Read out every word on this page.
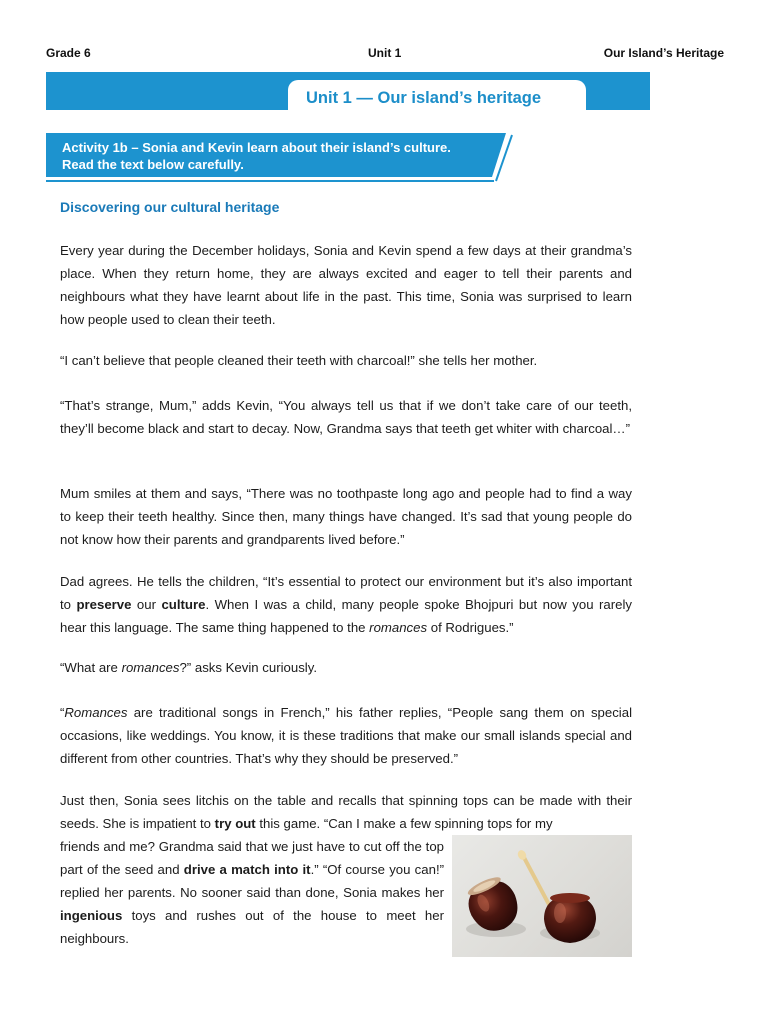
Grade 6	Unit 1	Our Island’s Heritage
Unit 1 — Our island’s heritage
Activity 1b – Sonia and Kevin learn about their island’s culture.
Read the text below carefully.
Discovering our cultural heritage
Every year during the December holidays, Sonia and Kevin spend a few days at their grandma’s place. When they return home, they are always excited and eager to tell their parents and neighbours what they have learnt about life in the past. This time, Sonia was surprised to learn how people used to clean their teeth.
“I can’t believe that people cleaned their teeth with charcoal!” she tells her mother.
“That’s strange, Mum,” adds Kevin, “You always tell us that if we don’t take care of our teeth, they’ll become black and start to decay. Now, Grandma says that teeth get whiter with charcoal…”
Mum smiles at them and says, “There was no toothpaste long ago and people had to find a way to keep their teeth healthy. Since then, many things have changed. It’s sad that young people do not know how their parents and grandparents lived before.”
Dad agrees. He tells the children, “It’s essential to protect our environment but it’s also important to preserve our culture. When I was a child, many people spoke Bhojpuri but now you rarely hear this language. The same thing happened to the romances of Rodrigues.”
“What are romances?” asks Kevin curiously.
“Romances are traditional songs in French,” his father replies, “People sang them on special occasions, like weddings. You know, it is these traditions that make our small islands special and different from other countries. That’s why they should be preserved.”
Just then, Sonia sees litchis on the table and recalls that spinning tops can be made with their seeds. She is impatient to try out this game. “Can I make a few spinning tops for my
friends and me? Grandma said that we just have to cut off the top part of the seed and drive a match into it.” “Of course you can!” replied her parents. No sooner said than done, Sonia makes her ingenious toys and rushes out of the house to meet her neighbours.
